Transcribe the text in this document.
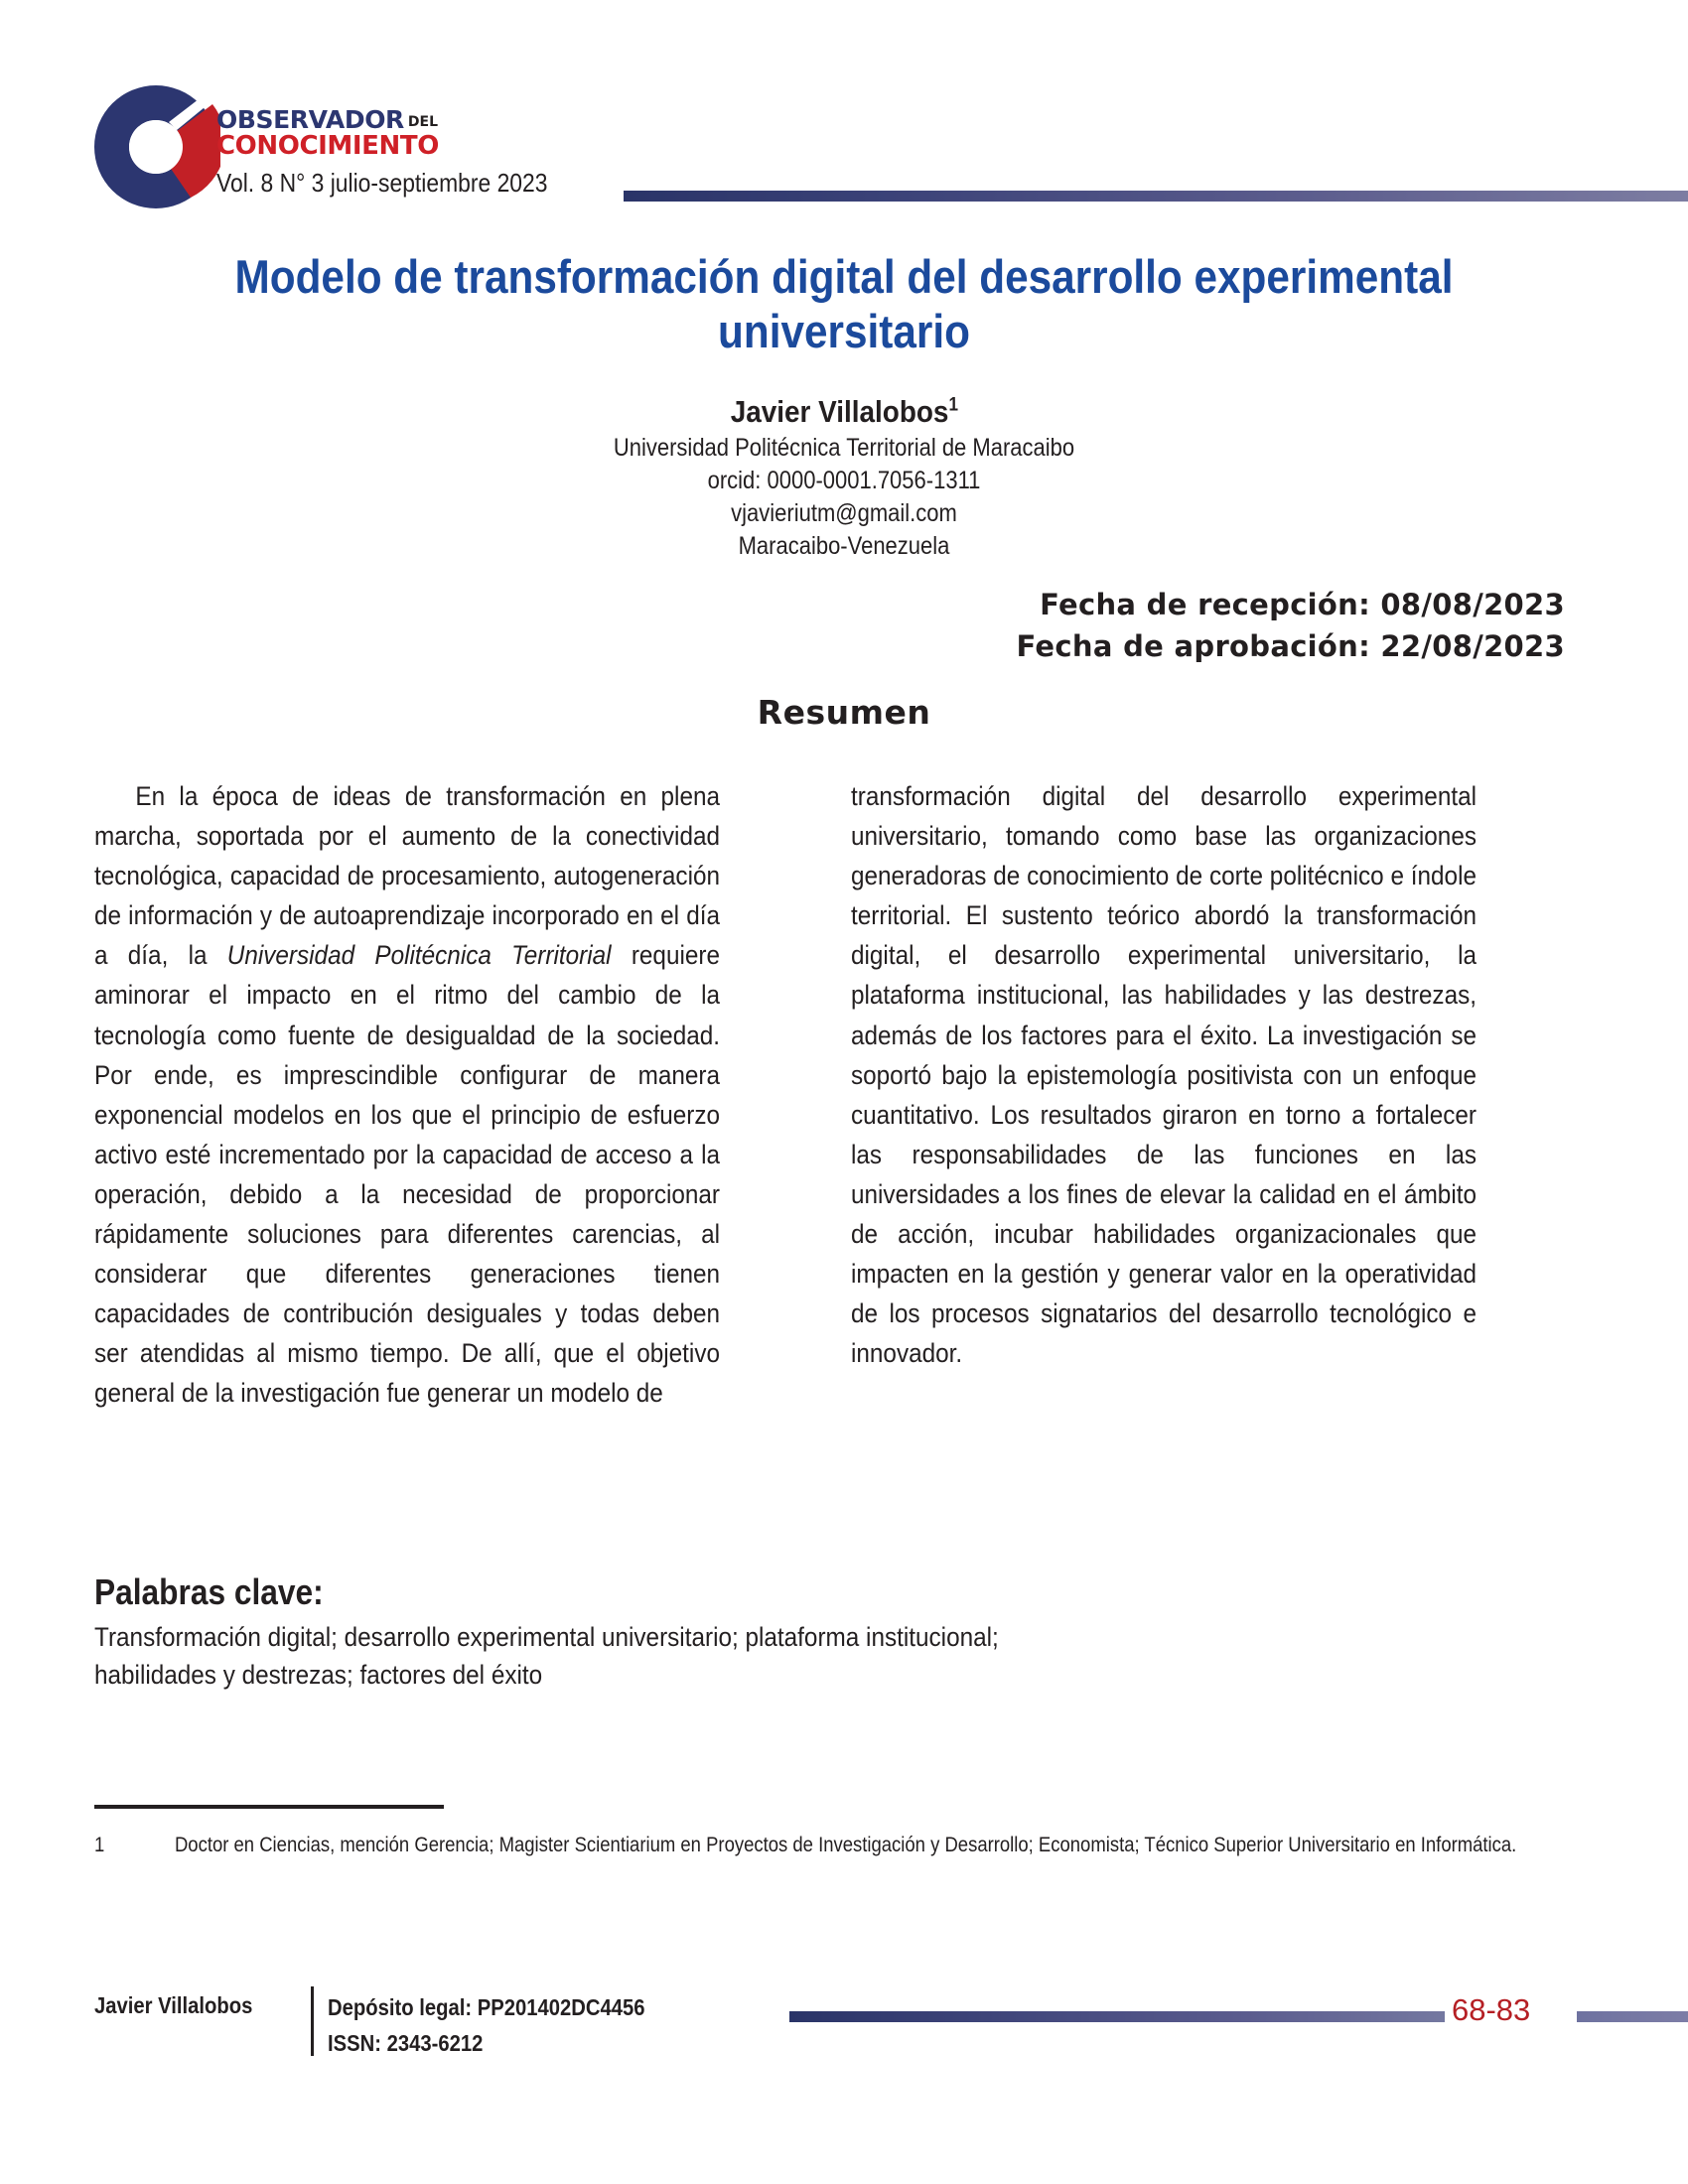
OBSERVADOR DEL
CONOCIMIENTO
Vol. 8 N° 3 julio-septiembre 2023
Modelo de transformación digital del desarrollo experimental universitario
Javier Villalobos$^1$
Universidad Politécnica Territorial de Maracaibo
orcid: 0000-0001.7056-1311
vjavieriutm@gmail.com
Maracaibo-Venezuela
Fecha de recepción: 08/08/2023
Fecha de aprobación: 22/08/2023
Resumen

En la época de ideas de transformación en plena marcha, soportada por el aumento de la conectividad tecnológica, capacidad de procesamiento, autogeneración de información y de autoaprendizaje incorporado en el día a día, la Universidad Politécnica Territorial requiere aminorar el impacto en el ritmo del cambio de la tecnología como fuente de desigualdad de la sociedad. Por ende, es imprescindible configurar de manera exponencial modelos en los que el principio de esfuerzo activo esté incrementado por la capacidad de acceso a la operación, debido a la necesidad de proporcionar rápidamente soluciones para diferentes carencias, al considerar que diferentes generaciones tienen capacidades de contribución desiguales y todas deben ser atendidas al mismo tiempo. De allí, que el objetivo general de la investigación fue generar un modelo de

transformación digital del desarrollo experimental universitario, tomando como base las organizaciones generadoras de conocimiento de corte politécnico e índole territorial. El sustento teórico abordó la transformación digital, el desarrollo experimental universitario, la plataforma institucional, las habilidades y las destrezas, además de los factores para el éxito. La investigación se soportó bajo la epistemología positivista con un enfoque cuantitativo. Los resultados giraron en torno a fortalecer las responsabilidades de las funciones en las universidades a los fines de elevar la calidad en el ámbito de acción, incubar habilidades organizacionales que impacten en la gestión y generar valor en la operatividad de los procesos signatarios del desarrollo tecnológico e innovador.

Palabras clave:
Transformación digital; desarrollo experimental universitario; plataforma institucional; habilidades y destrezas; factores del éxito
1	Doctor en Ciencias, mención Gerencia; Magister Scientiarium en Proyectos de Investigación y Desarrollo; Economista; Técnico Superior Universitario en Informática.
Javier Villalobos	Depósito legal: PP201402DC4456
ISSN: 2343-6212
68-83
